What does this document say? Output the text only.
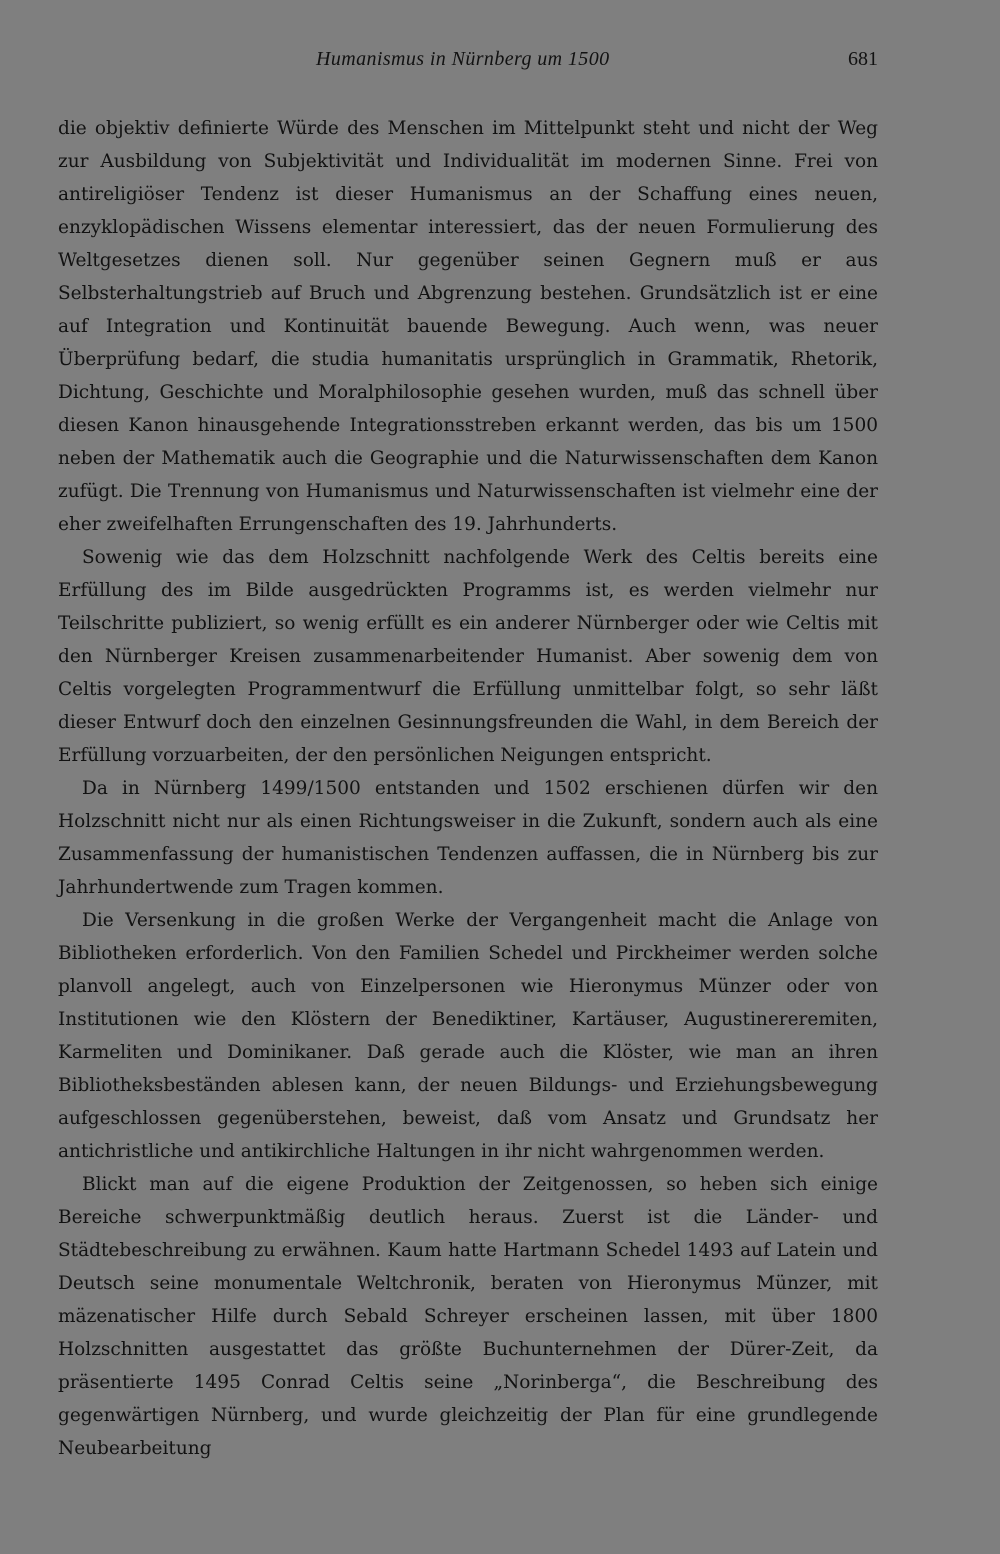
Humanismus in Nürnberg um 1500	681

die objektiv definierte Würde des Menschen im Mittelpunkt steht und nicht der Weg zur Ausbildung von Subjektivität und Individualität im modernen Sinne. Frei von antireligiöser Tendenz ist dieser Humanismus an der Schaffung eines neuen, enzyklopädischen Wissens elementar interessiert, das der neuen Formulierung des Weltgesetzes dienen soll. Nur gegenüber seinen Gegnern muß er aus Selbsterhaltungstrieb auf Bruch und Abgrenzung bestehen. Grundsätzlich ist er eine auf Integration und Kontinuität bauende Bewegung. Auch wenn, was neuer Überprüfung bedarf, die studia humanitatis ursprünglich in Grammatik, Rhetorik, Dichtung, Geschichte und Moralphilosophie gesehen wurden, muß das schnell über diesen Kanon hinausgehende Integrationsstreben erkannt werden, das bis um 1500 neben der Mathematik auch die Geographie und die Naturwissenschaften dem Kanon zufügt. Die Trennung von Humanismus und Naturwissenschaften ist vielmehr eine der eher zweifelhaften Errungenschaften des 19. Jahrhunderts.

Sowenig wie das dem Holzschnitt nachfolgende Werk des Celtis bereits eine Erfüllung des im Bilde ausgedrückten Programms ist, es werden vielmehr nur Teilschritte publiziert, so wenig erfüllt es ein anderer Nürnberger oder wie Celtis mit den Nürnberger Kreisen zusammenarbeitender Humanist. Aber sowenig dem von Celtis vorgelegten Programmentwurf die Erfüllung unmittelbar folgt, so sehr läßt dieser Entwurf doch den einzelnen Gesinnungsfreunden die Wahl, in dem Bereich der Erfüllung vorzuarbeiten, der den persönlichen Neigungen entspricht.

Da in Nürnberg 1499/1500 entstanden und 1502 erschienen dürfen wir den Holzschnitt nicht nur als einen Richtungsweiser in die Zukunft, sondern auch als eine Zusammenfassung der humanistischen Tendenzen auffassen, die in Nürnberg bis zur Jahrhundertwende zum Tragen kommen.

Die Versenkung in die großen Werke der Vergangenheit macht die Anlage von Bibliotheken erforderlich. Von den Familien Schedel und Pirckheimer werden solche planvoll angelegt, auch von Einzelpersonen wie Hieronymus Münzer oder von Institutionen wie den Klöstern der Benediktiner, Kartäuser, Augustinereremiten, Karmeliten und Dominikaner. Daß gerade auch die Klöster, wie man an ihren Bibliotheksbeständen ablesen kann, der neuen Bildungs- und Erziehungsbewegung aufgeschlossen gegenüberstehen, beweist, daß vom Ansatz und Grundsatz her antichristliche und antikirchliche Haltungen in ihr nicht wahrgenommen werden.

Blickt man auf die eigene Produktion der Zeitgenossen, so heben sich einige Bereiche schwerpunktmäßig deutlich heraus. Zuerst ist die Länder- und Städtebeschreibung zu erwähnen. Kaum hatte Hartmann Schedel 1493 auf Latein und Deutsch seine monumentale Weltchronik, beraten von Hieronymus Münzer, mit mäzenatischer Hilfe durch Sebald Schreyer erscheinen lassen, mit über 1800 Holzschnitten ausgestattet das größte Buchunternehmen der Dürer-Zeit, da präsentierte 1495 Conrad Celtis seine „Norinberga“, die Beschreibung des gegenwärtigen Nürnberg, und wurde gleichzeitig der Plan für eine grundlegende Neubearbeitung
